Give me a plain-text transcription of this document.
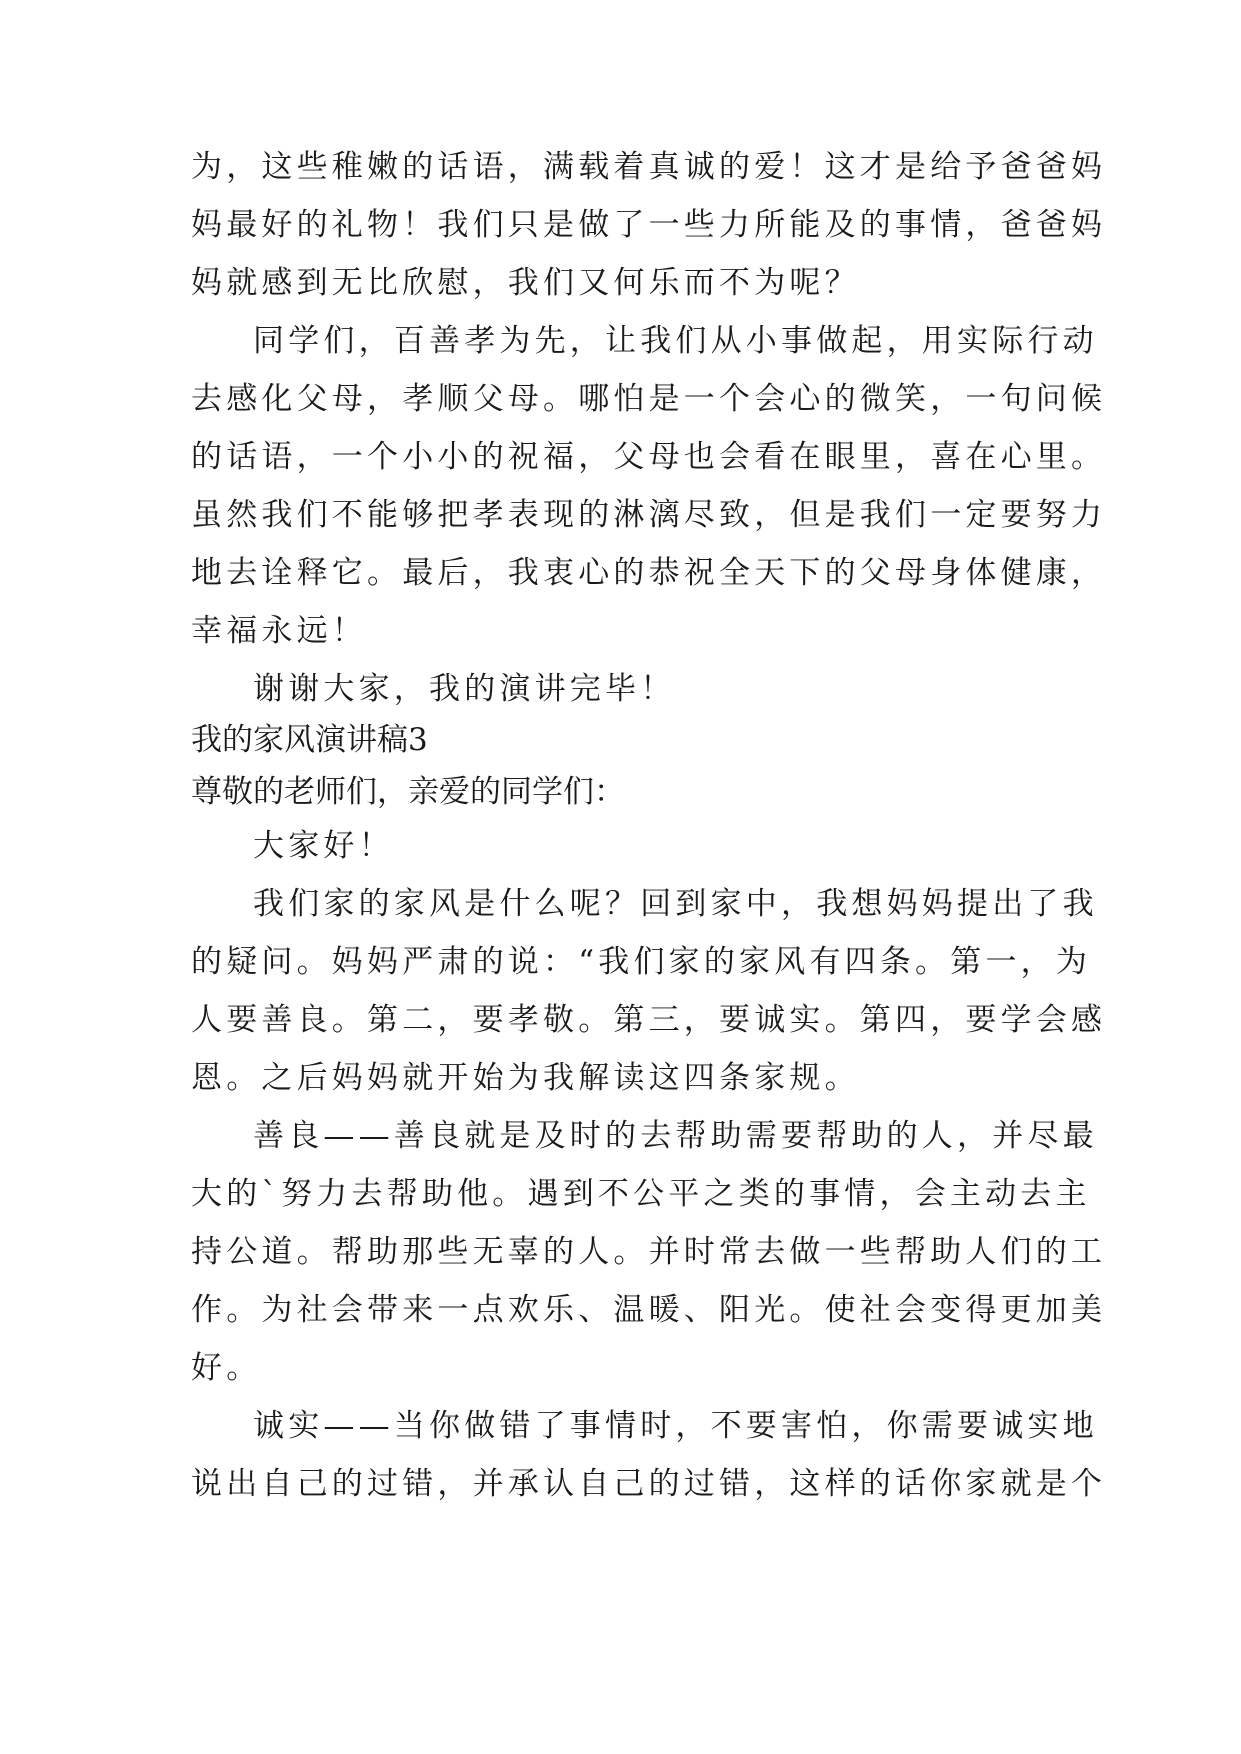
为，这些稚嫩的话语，满载着真诚的爱！这才是给予爸爸妈
妈最好的礼物！我们只是做了一些力所能及的事情，爸爸妈
妈就感到无比欣慰，我们又何乐而不为呢？
同学们，百善孝为先，让我们从小事做起，用实际行动
去感化父母，孝顺父母。哪怕是一个会心的微笑，一句问候
的话语，一个小小的祝福，父母也会看在眼里，喜在心里。
虽然我们不能够把孝表现的淋漓尽致，但是我们一定要努力
地去诠释它。最后，我衷心的恭祝全天下的父母身体健康，
幸福永远！
谢谢大家，我的演讲完毕！
我的家风演讲稿3
尊敬的老师们，亲爱的同学们：
大家好！
我们家的家风是什么呢？回到家中，我想妈妈提出了我
的疑问。妈妈严肃的说：“我们家的家风有四条。第一，为
人要善良。第二，要孝敬。第三，要诚实。第四，要学会感
恩。之后妈妈就开始为我解读这四条家规。
善良——善良就是及时的去帮助需要帮助的人，并尽最
大的`努力去帮助他。遇到不公平之类的事情，会主动去主
持公道。帮助那些无辜的人。并时常去做一些帮助人们的工
作。为社会带来一点欢乐、温暖、阳光。使社会变得更加美
好。
诚实——当你做错了事情时，不要害怕，你需要诚实地
说出自己的过错，并承认自己的过错，这样的话你家就是个
